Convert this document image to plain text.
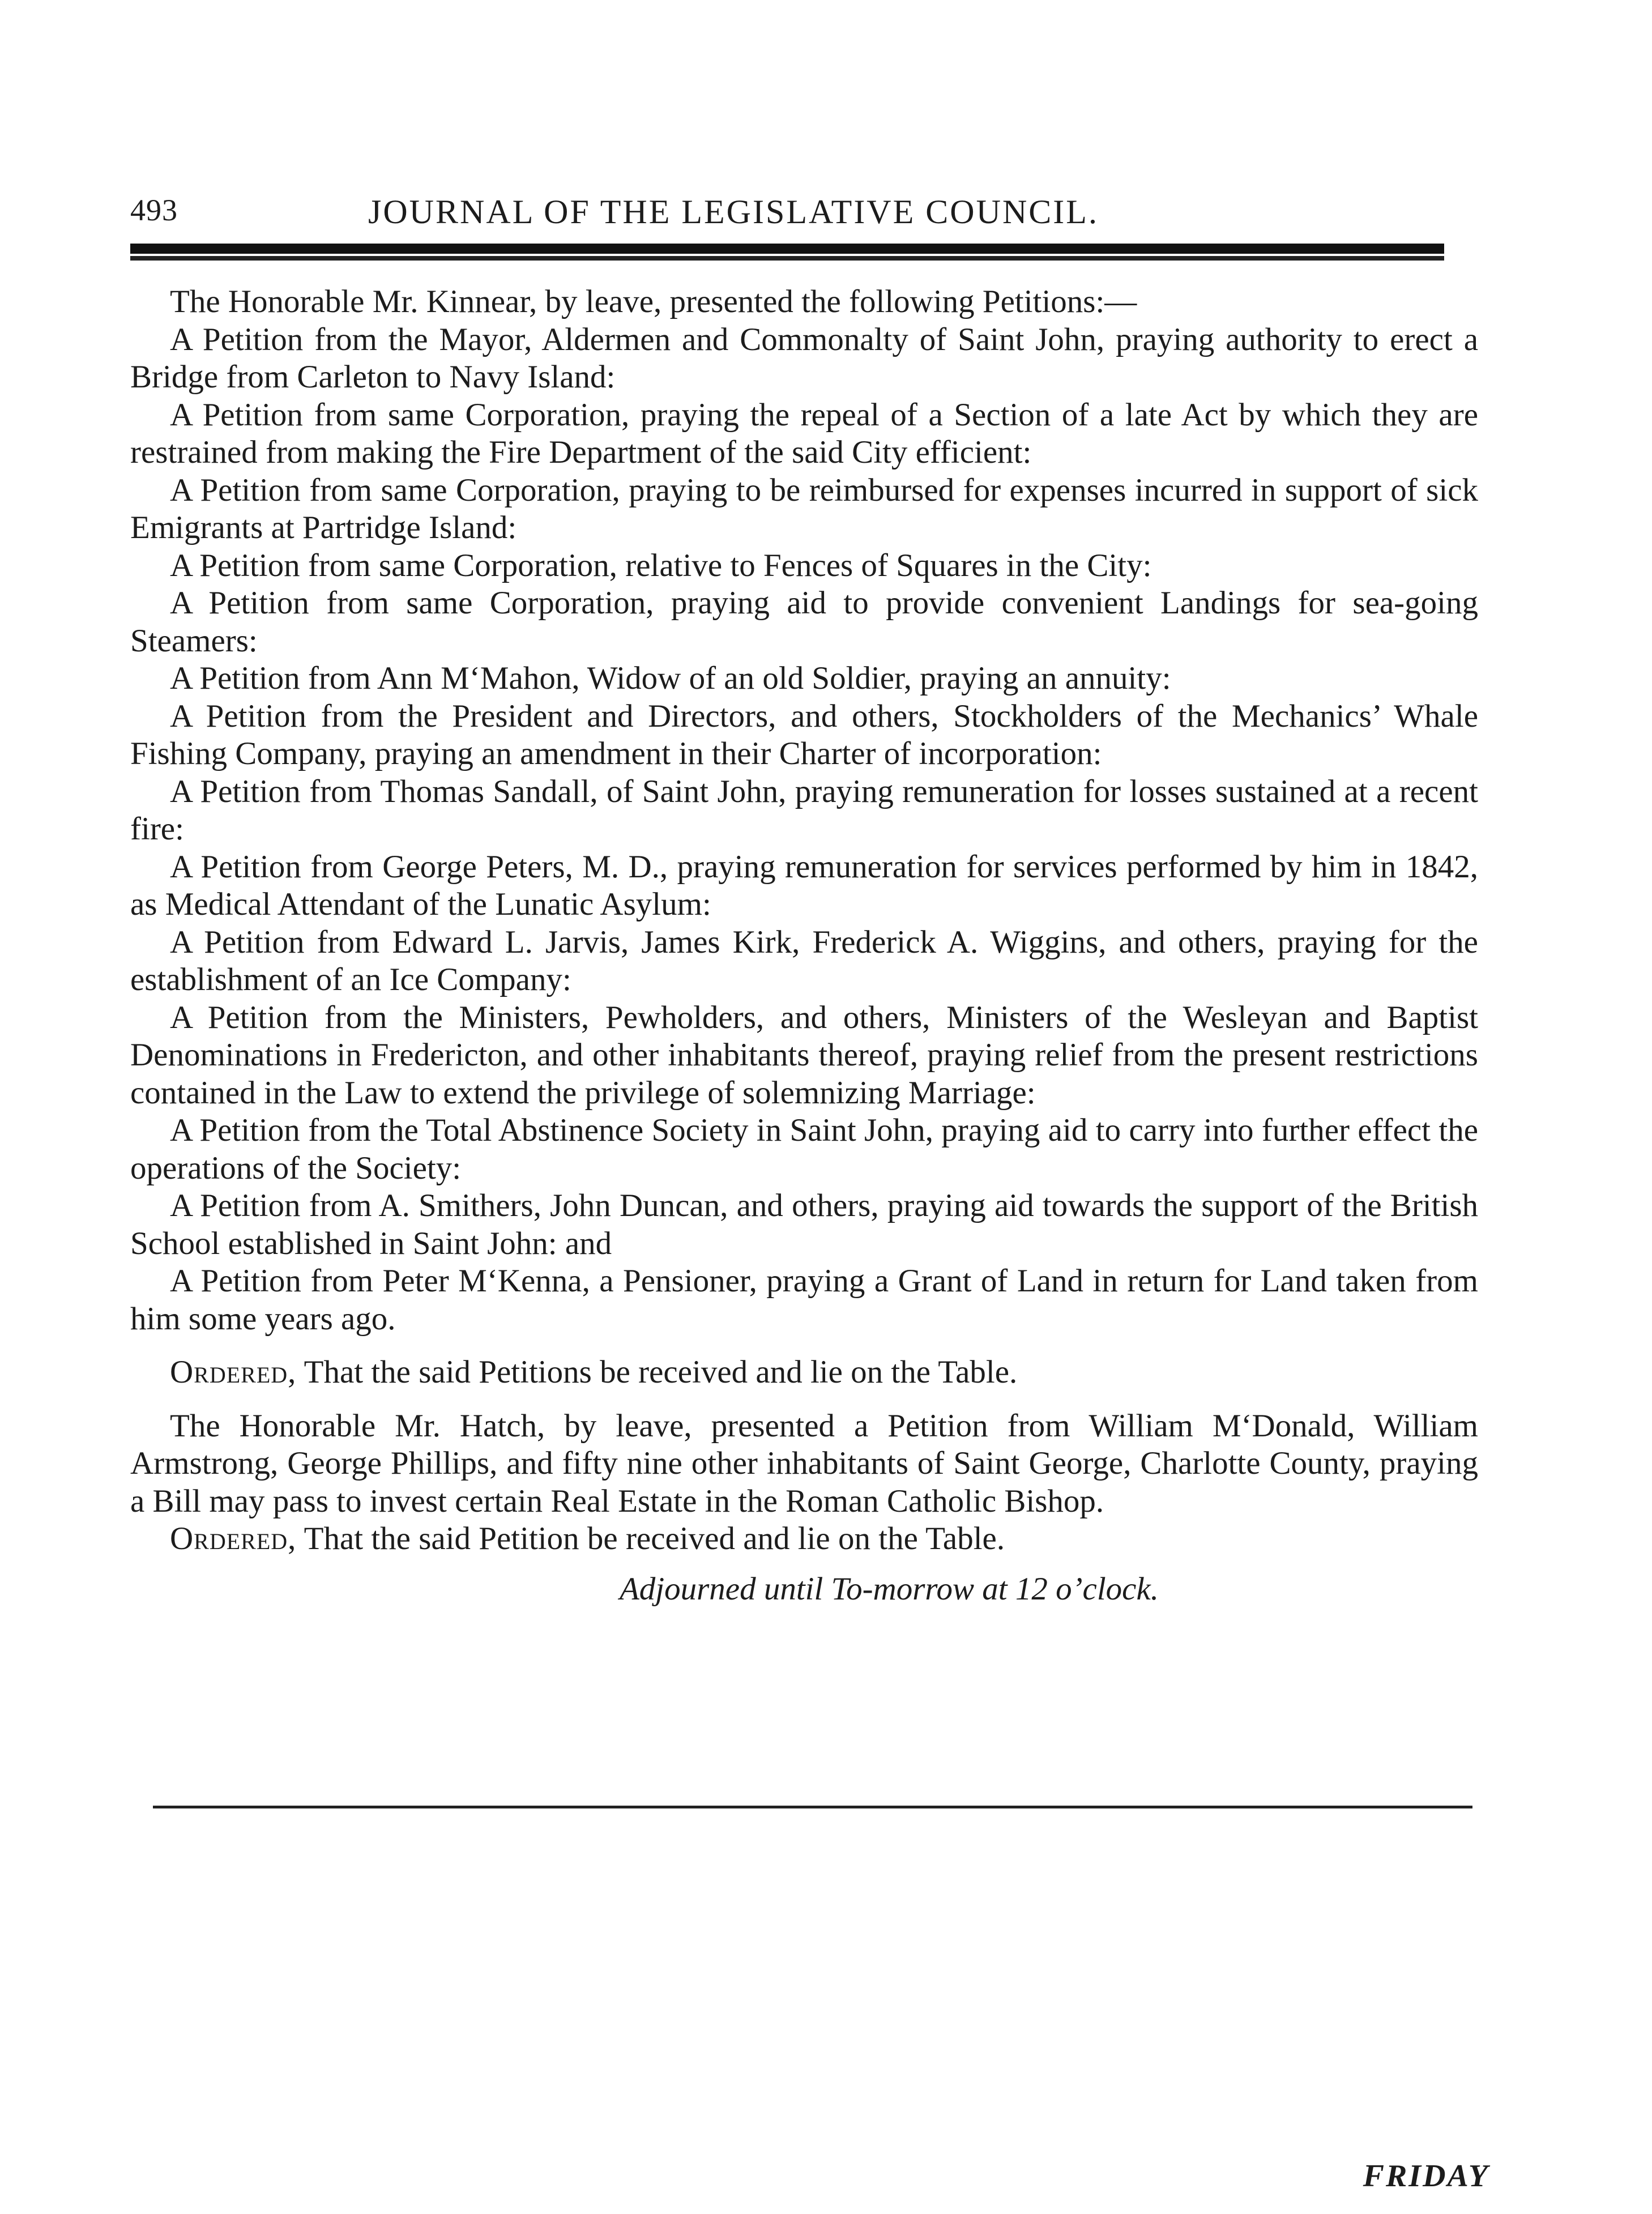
493	JOURNAL OF THE LEGISLATIVE COUNCIL.

The Honorable Mr. Kinnear, by leave, presented the following Petitions:—

A Petition from the Mayor, Aldermen and Commonalty of Saint John, praying authority to erect a Bridge from Carleton to Navy Island:

A Petition from same Corporation, praying the repeal of a Section of a late Act by which they are restrained from making the Fire Department of the said City efficient:

A Petition from same Corporation, praying to be reimbursed for expenses incurred in support of sick Emigrants at Partridge Island:

A Petition from same Corporation, relative to Fences of Squares in the City:

A Petition from same Corporation, praying aid to provide convenient Landings for sea-going Steamers:

A Petition from Ann M‘Mahon, Widow of an old Soldier, praying an annuity:

A Petition from the President and Directors, and others, Stockholders of the Mechanics’ Whale Fishing Company, praying an amendment in their Charter of incorporation:

A Petition from Thomas Sandall, of Saint John, praying remuneration for losses sustained at a recent fire:

A Petition from George Peters, M. D., praying remuneration for services performed by him in 1842, as Medical Attendant of the Lunatic Asylum:

A Petition from Edward L. Jarvis, James Kirk, Frederick A. Wiggins, and others, praying for the establishment of an Ice Company:

A Petition from the Ministers, Pewholders, and others, Ministers of the Wesleyan and Baptist Denominations in Fredericton, and other inhabitants thereof, praying relief from the present restrictions contained in the Law to extend the privilege of solemnizing Marriage:

A Petition from the Total Abstinence Society in Saint John, praying aid to carry into further effect the operations of the Society:

A Petition from A. Smithers, John Duncan, and others, praying aid towards the support of the British School established in Saint John: and

A Petition from Peter M‘Kenna, a Pensioner, praying a Grant of Land in return for Land taken from him some years ago.

Ordered, That the said Petitions be received and lie on the Table.

The Honorable Mr. Hatch, by leave, presented a Petition from William M‘Donald, William Armstrong, George Phillips, and fifty nine other inhabitants of Saint George, Charlotte County, praying a Bill may pass to invest certain Real Estate in the Roman Catholic Bishop.

Ordered, That the said Petition be received and lie on the Table.

Adjourned until To-morrow at 12 o’clock.

FRIDAY
